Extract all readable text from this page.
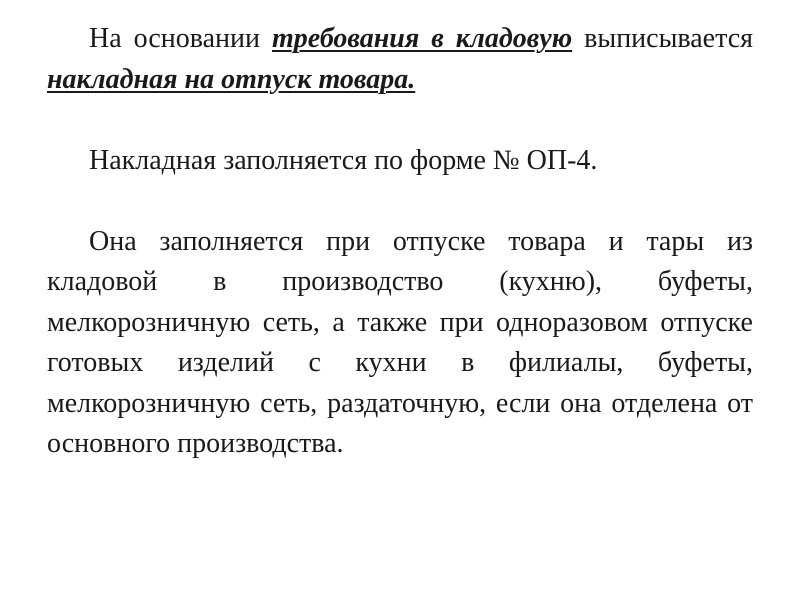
На основании требования в кладовую выписывается накладная на отпуск товара.

Накладная заполняется по форме № ОП-4.

Она заполняется при отпуске товара и тары из кладовой в производство (кухню), буфеты, мелкорозничную сеть, а также при одноразовом отпуске готовых изделий с кухни в филиалы, буфеты, мелкорозничную сеть, раздаточную, если она отделена от основного производства.
